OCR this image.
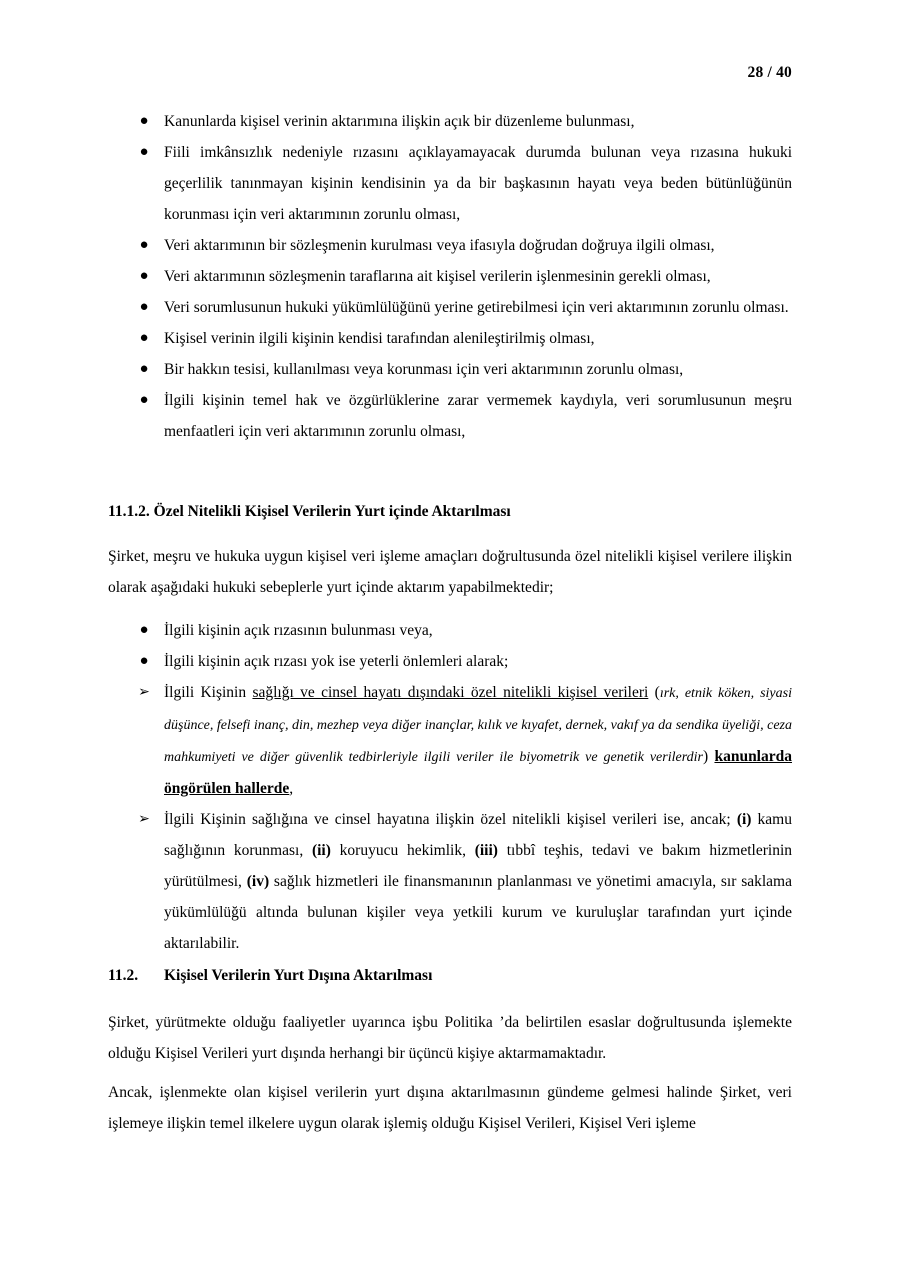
28 / 40
● Kanunlarda kişisel verinin aktarımına ilişkin açık bir düzenleme bulunması,
● Fiili imkânsızlık nedeniyle rızasını açıklayamayacak durumda bulunan veya rızasına hukuki geçerlilik tanınmayan kişinin kendisinin ya da bir başkasının hayatı veya beden bütünlüğünün korunması için veri aktarımının zorunlu olması,
● Veri aktarımının bir sözleşmenin kurulması veya ifasıyla doğrudan doğruya ilgili olması,
● Veri aktarımının sözleşmenin taraflarına ait kişisel verilerin işlenmesinin gerekli olması,
● Veri sorumlusunun hukuki yükümlülüğünü yerine getirebilmesi için veri aktarımının zorunlu olması.
● Kişisel verinin ilgili kişinin kendisi tarafından alenileştirilmiş olması,
● Bir hakkın tesisi, kullanılması veya korunması için veri aktarımının zorunlu olması,
● İlgili kişinin temel hak ve özgürlüklerine zarar vermemek kaydıyla, veri sorumlusunun meşru menfaatleri için veri aktarımının zorunlu olması,
11.1.2. Özel Nitelikli Kişisel Verilerin Yurt içinde Aktarılması

Şirket, meşru ve hukuka uygun kişisel veri işleme amaçları doğrultusunda özel nitelikli kişisel verilere ilişkin olarak aşağıdaki hukuki sebeplerle yurt içinde aktarım yapabilmektedir;

● İlgili kişinin açık rızasının bulunması veya,
● İlgili kişinin açık rızası yok ise yeterli önlemleri alarak;
➢ İlgili Kişinin sağlığı ve cinsel hayatı dışındaki özel nitelikli kişisel verileri (ırk, etnik köken, siyasi düşünce, felsefi inanç, din, mezhep veya diğer inançlar, kılık ve kıyafet, dernek, vakıf ya da sendika üyeliği, ceza mahkumiyeti ve diğer güvenlik tedbirleriyle ilgili veriler ile biyometrik ve genetik verilerdir) kanunlarda öngörülen hallerde,
➢ İlgili Kişinin sağlığına ve cinsel hayatına ilişkin özel nitelikli kişisel verileri ise, ancak; (i) kamu sağlığının korunması, (ii) koruyucu hekimlik, (iii) tıbbî teşhis, tedavi ve bakım hizmetlerinin yürütülmesi, (iv) sağlık hizmetleri ile finansmanının planlanması ve yönetimi amacıyla, sır saklama yükümlülüğü altında bulunan kişiler veya yetkili kurum ve kuruluşlar tarafından yurt içinde aktarılabilir.
11.2. Kişisel Verilerin Yurt Dışına Aktarılması

Şirket, yürütmekte olduğu faaliyetler uyarınca işbu Politika ’da belirtilen esaslar doğrultusunda işlemekte olduğu Kişisel Verileri yurt dışında herhangi bir üçüncü kişiye aktarmamaktadır.

Ancak, işlenmekte olan kişisel verilerin yurt dışına aktarılmasının gündeme gelmesi halinde Şirket, veri işlemeye ilişkin temel ilkelere uygun olarak işlemiş olduğu Kişisel Verileri, Kişisel Veri işleme
